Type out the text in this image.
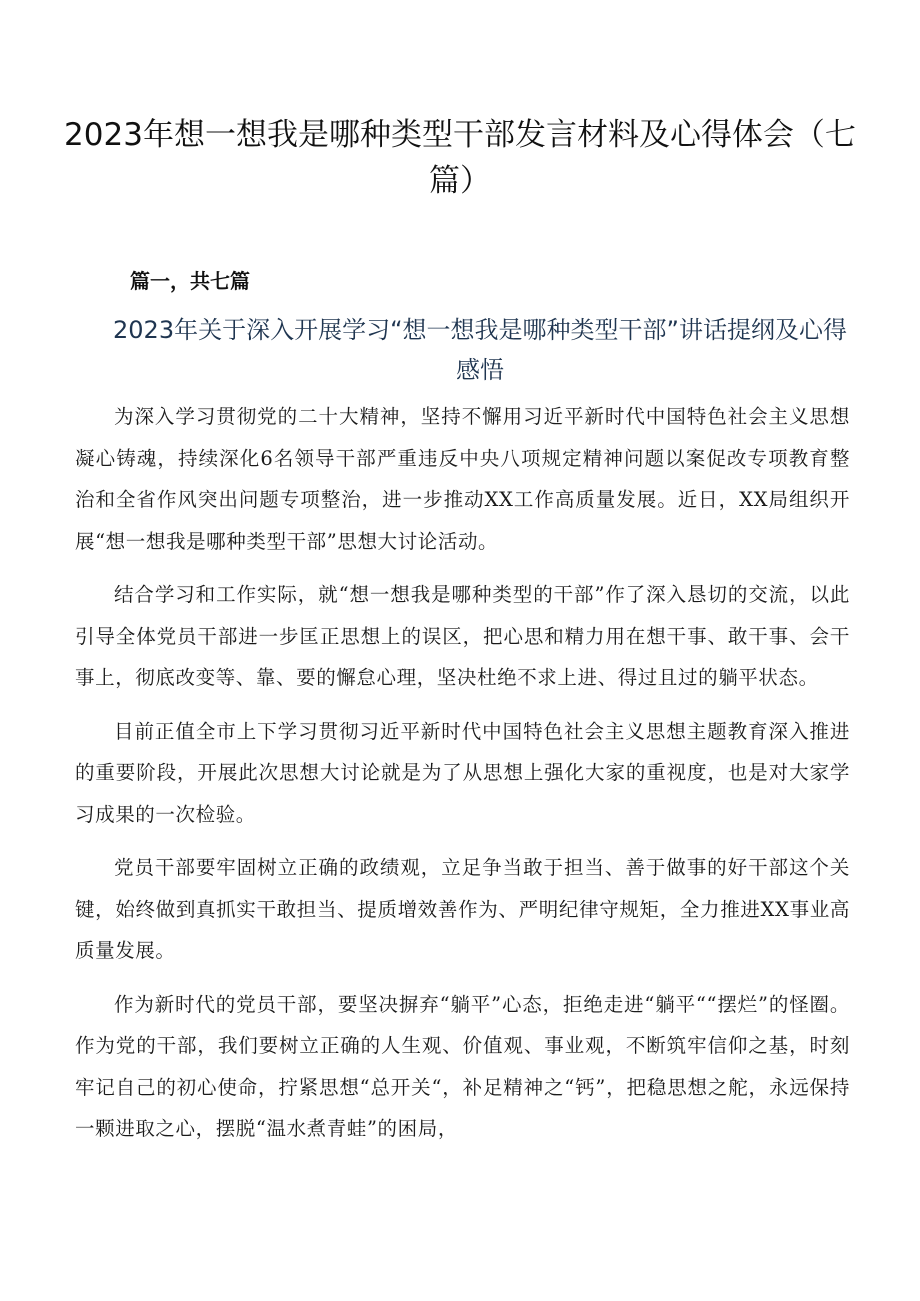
2023年想一想我是哪种类型干部发言材料及心得体会（七篇）

篇一，共七篇

2023年关于深入开展学习“想一想我是哪种类型干部”讲话提纲及心得感悟

为深入学习贯彻党的二十大精神，坚持不懈用习近平新时代中国特色社会主义思想凝心铸魂，持续深化6名领导干部严重违反中央八项规定精神问题以案促改专项教育整治和全省作风突出问题专项整治，进一步推动XX工作高质量发展。近日，XX局组织开展“想一想我是哪种类型干部”思想大讨论活动。

结合学习和工作实际，就“想一想我是哪种类型的干部”作了深入恳切的交流，以此引导全体党员干部进一步匡正思想上的误区，把心思和精力用在想干事、敢干事、会干事上，彻底改变等、靠、要的懈怠心理，坚决杜绝不求上进、得过且过的躺平状态。

目前正值全市上下学习贯彻习近平新时代中国特色社会主义思想主题教育深入推进的重要阶段，开展此次思想大讨论就是为了从思想上强化大家的重视度，也是对大家学习成果的一次检验。

党员干部要牢固树立正确的政绩观，立足争当敢于担当、善于做事的好干部这个关键，始终做到真抓实干敢担当、提质增效善作为、严明纪律守规矩，全力推进XX事业高质量发展。

作为新时代的党员干部，要坚决摒弃“躺平”心态，拒绝走进“躺平““摆烂”的怪圈。作为党的干部，我们要树立正确的人生观、价值观、事业观，不断筑牢信仰之基，时刻牢记自己的初心使命，拧紧思想“总开关“，补足精神之“钙”，把稳思想之舵，永远保持一颗进取之心，摆脱“温水煮青蛙”的困局，
